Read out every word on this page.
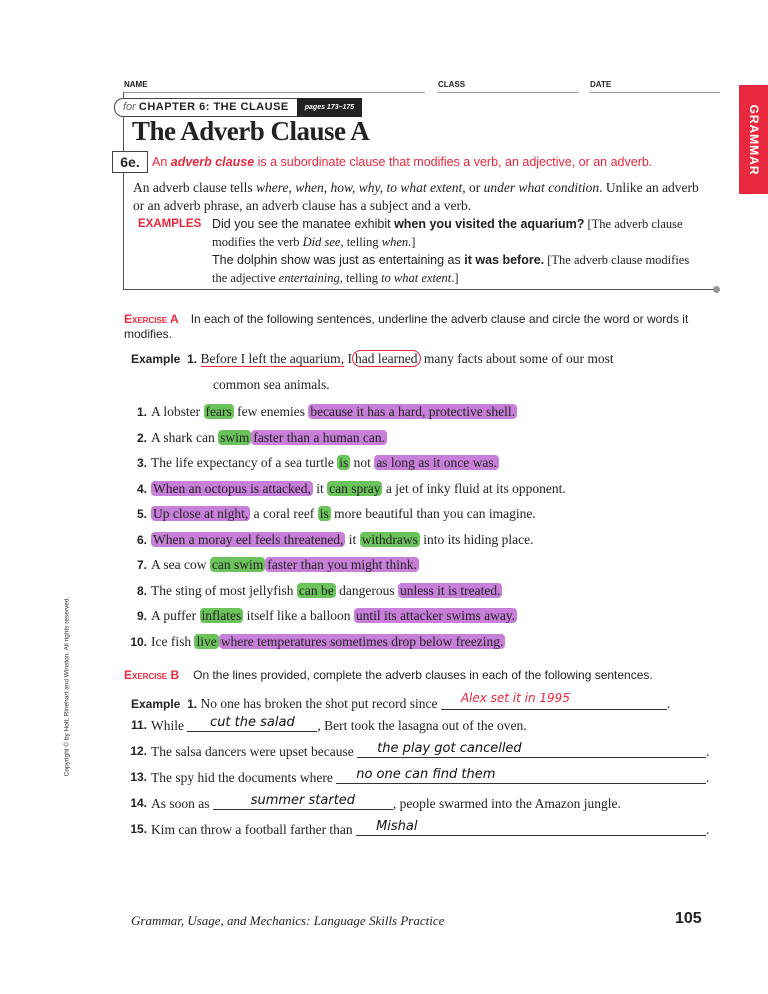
NAME	CLASS	DATE
GRAMMAR
for CHAPTER 6: THE CLAUSE	pages 173–175
The Adverb Clause A
6e. An adverb clause is a subordinate clause that modifies a verb, an adjective, or an adverb.
An adverb clause tells where, when, how, why, to what extent, or under what condition. Unlike an adverb or an adverb phrase, an adverb clause has a subject and a verb.
EXAMPLES Did you see the manatee exhibit when you visited the aquarium? [The adverb clause modifies the verb Did see, telling when.]
The dolphin show was just as entertaining as it was before. [The adverb clause modifies the adjective entertaining, telling to what extent.]
Exercise A In each of the following sentences, underline the adverb clause and circle the word or words it modifies.
Example 1. Before I left the aquarium, I had learned many facts about some of our most
common sea animals.
1. A lobster fears few enemies because it has a hard, protective shell.
2. A shark can swim faster than a human can.
3. The life expectancy of a sea turtle is not as long as it once was.
4. When an octopus is attacked, it can spray a jet of inky fluid at its opponent.
5. Up close at night, a coral reef is more beautiful than you can imagine.
6. When a moray eel feels threatened, it withdraws into its hiding place.
7. A sea cow can swim faster than you might think.
8. The sting of most jellyfish can be dangerous unless it is treated.
9. A puffer inflates itself like a balloon until its attacker swims away.
10. Ice fish live where temperatures sometimes drop below freezing.
Exercise B On the lines provided, complete the adverb clauses in each of the following sentences.
Example 1. No one has broken the shot put record since	Alex set it in 1995	.
11. While	cut the salad	, Bert took the lasagna out of the oven.
12. The salsa dancers were upset because	the play got cancelled	.
13. The spy hid the documents where	no one can find them	.
14. As soon as	summer started	, people swarmed into the Amazon jungle.
15. Kim can throw a football farther than	Mishal	.
Grammar, Usage, and Mechanics: Language Skills Practice	105
Copyright © by Holt, Rinehart and Winston. All rights reserved.
